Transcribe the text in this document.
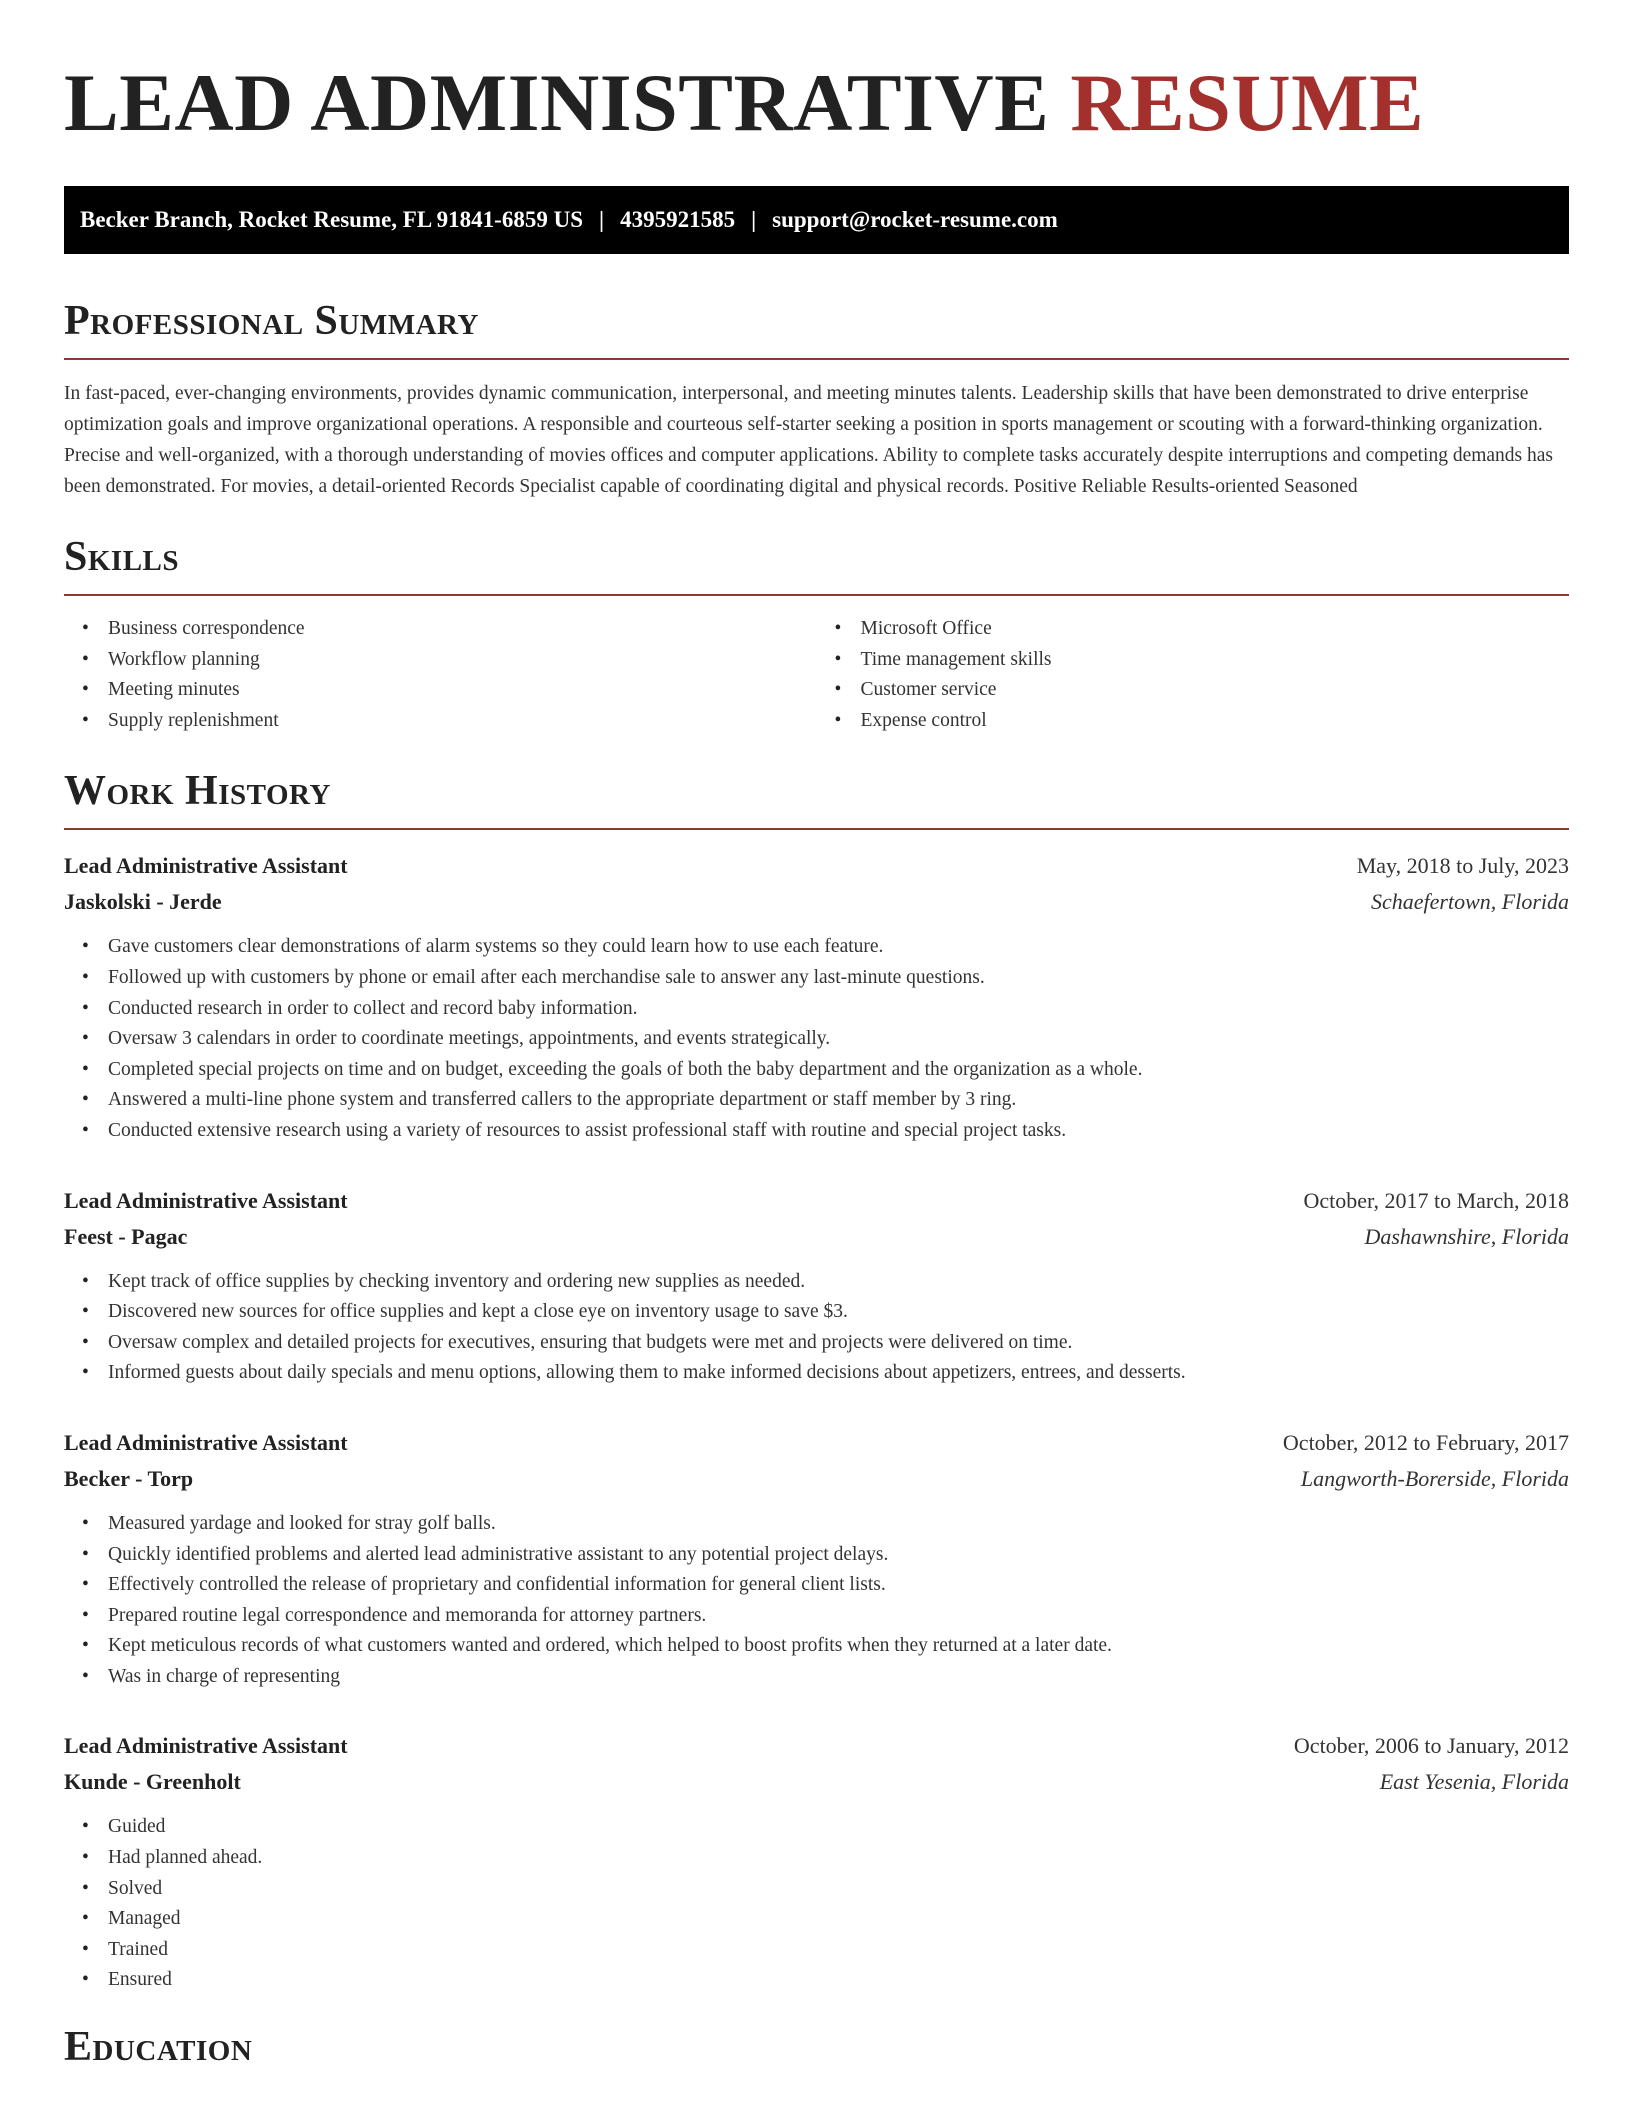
LEAD ADMINISTRATIVE RESUME
Becker Branch, Rocket Resume, FL 91841-6859 US | 4395921585 | support@rocket-resume.com
Professional Summary

In fast-paced, ever-changing environments, provides dynamic communication, interpersonal, and meeting minutes talents. Leadership skills that have been demonstrated to drive enterprise optimization goals and improve organizational operations. A responsible and courteous self-starter seeking a position in sports management or scouting with a forward-thinking organization. Precise and well-organized, with a thorough understanding of movies offices and computer applications. Ability to complete tasks accurately despite interruptions and competing demands has been demonstrated. For movies, a detail-oriented Records Specialist capable of coordinating digital and physical records. Positive Reliable Results-oriented Seasoned

Skills
• Business correspondence
• Workflow planning
• Meeting minutes
• Supply replenishment
• Microsoft Office
• Time management skills
• Customer service
• Expense control
Work History
Lead Administrative Assistant	May, 2018 to July, 2023
Jaskolski - Jerde	Schaefertown, Florida
• Gave customers clear demonstrations of alarm systems so they could learn how to use each feature.
• Followed up with customers by phone or email after each merchandise sale to answer any last-minute questions.
• Conducted research in order to collect and record baby information.
• Oversaw 3 calendars in order to coordinate meetings, appointments, and events strategically.
• Completed special projects on time and on budget, exceeding the goals of both the baby department and the organization as a whole.
• Answered a multi-line phone system and transferred callers to the appropriate department or staff member by 3 ring.
• Conducted extensive research using a variety of resources to assist professional staff with routine and special project tasks.
Lead Administrative Assistant	October, 2017 to March, 2018
Feest - Pagac	Dashawnshire, Florida
• Kept track of office supplies by checking inventory and ordering new supplies as needed.
• Discovered new sources for office supplies and kept a close eye on inventory usage to save $3.
• Oversaw complex and detailed projects for executives, ensuring that budgets were met and projects were delivered on time.
• Informed guests about daily specials and menu options, allowing them to make informed decisions about appetizers, entrees, and desserts.
Lead Administrative Assistant	October, 2012 to February, 2017
Becker - Torp	Langworth-Borerside, Florida
• Measured yardage and looked for stray golf balls.
• Quickly identified problems and alerted lead administrative assistant to any potential project delays.
• Effectively controlled the release of proprietary and confidential information for general client lists.
• Prepared routine legal correspondence and memoranda for attorney partners.
• Kept meticulous records of what customers wanted and ordered, which helped to boost profits when they returned at a later date.
• Was in charge of representing
Lead Administrative Assistant	October, 2006 to January, 2012
Kunde - Greenholt	East Yesenia, Florida
• Guided
• Had planned ahead.
• Solved
• Managed
• Trained
• Ensured
Education
